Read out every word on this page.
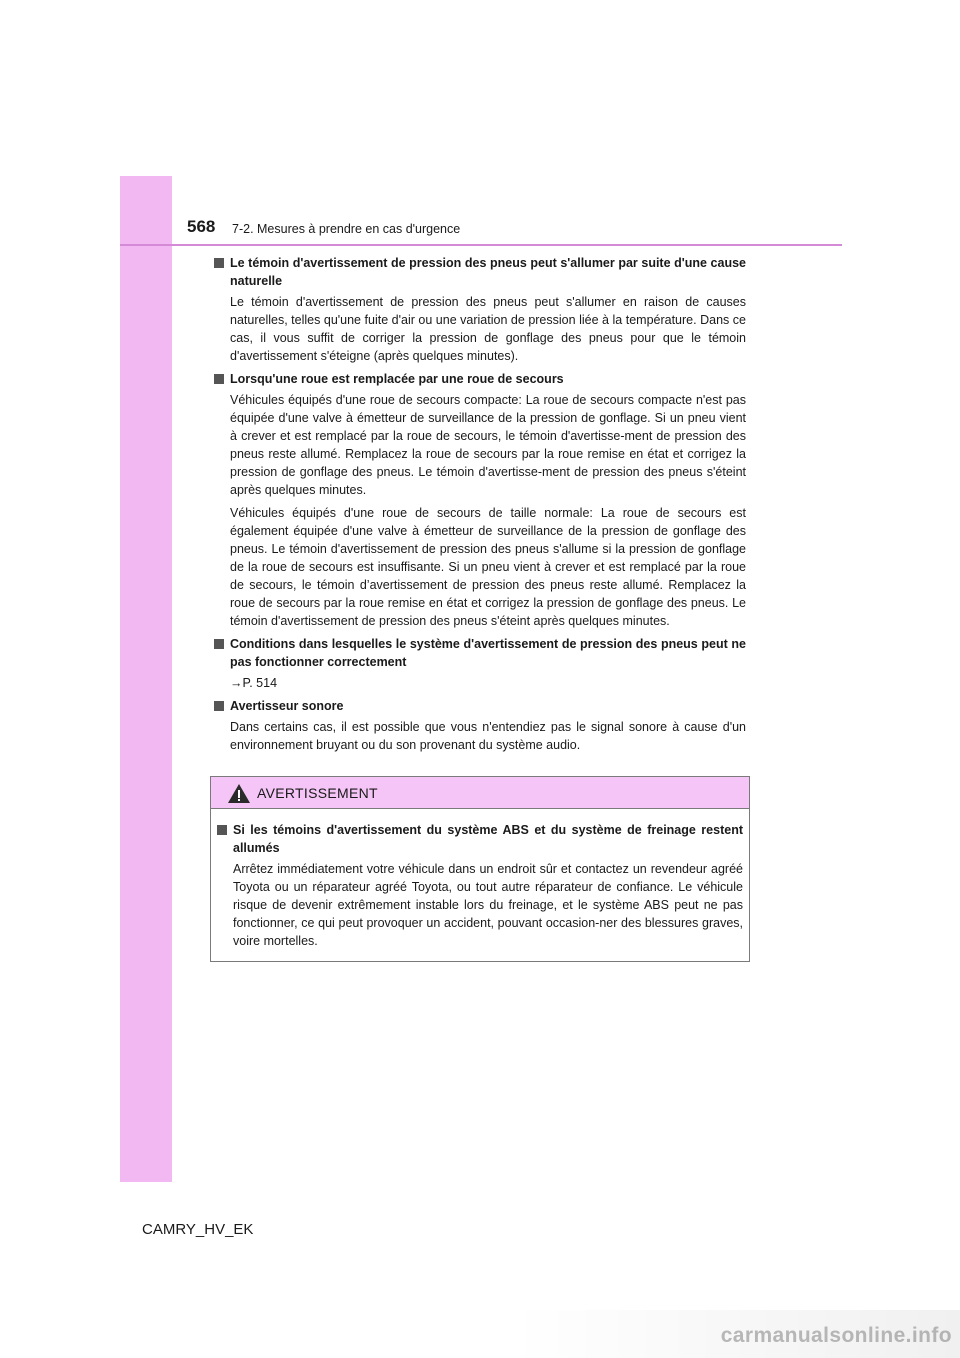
568 7-2. Mesures à prendre en cas d'urgence
Le témoin d'avertissement de pression des pneus peut s'allumer par suite d'une cause naturelle
Le témoin d'avertissement de pression des pneus peut s'allumer en raison de causes naturelles, telles qu'une fuite d'air ou une variation de pression liée à la température. Dans ce cas, il vous suffit de corriger la pression de gonflage des pneus pour que le témoin d'avertissement s'éteigne (après quelques minutes).
Lorsqu'une roue est remplacée par une roue de secours
Véhicules équipés d'une roue de secours compacte: La roue de secours compacte n'est pas équipée d'une valve à émetteur de surveillance de la pression de gonflage. Si un pneu vient à crever et est remplacé par la roue de secours, le témoin d'avertisse-ment de pression des pneus reste allumé. Remplacez la roue de secours par la roue remise en état et corrigez la pression de gonflage des pneus. Le témoin d'avertisse-ment de pression des pneus s'éteint après quelques minutes.
Véhicules équipés d'une roue de secours de taille normale: La roue de secours est également équipée d'une valve à émetteur de surveillance de la pression de gonflage des pneus. Le témoin d'avertissement de pression des pneus s'allume si la pression de gonflage de la roue de secours est insuffisante. Si un pneu vient à crever et est remplacé par la roue de secours, le témoin d’avertissement de pression des pneus reste allumé. Remplacez la roue de secours par la roue remise en état et corrigez la pression de gonflage des pneus. Le témoin d'avertissement de pression des pneus s'éteint après quelques minutes.
Conditions dans lesquelles le système d'avertissement de pression des pneus peut ne pas fonctionner correctement
→P. 514
Avertisseur sonore
Dans certains cas, il est possible que vous n'entendiez pas le signal sonore à cause d'un environnement bruyant ou du son provenant du système audio.
AVERTISSEMENT
Si les témoins d'avertissement du système ABS et du système de freinage restent allumés
Arrêtez immédiatement votre véhicule dans un endroit sûr et contactez un revendeur agréé Toyota ou un réparateur agréé Toyota, ou tout autre réparateur de confiance. Le véhicule risque de devenir extrêmement instable lors du freinage, et le système ABS peut ne pas fonctionner, ce qui peut provoquer un accident, pouvant occasion-ner des blessures graves, voire mortelles.
CAMRY_HV_EK
carmanualsonline.info
